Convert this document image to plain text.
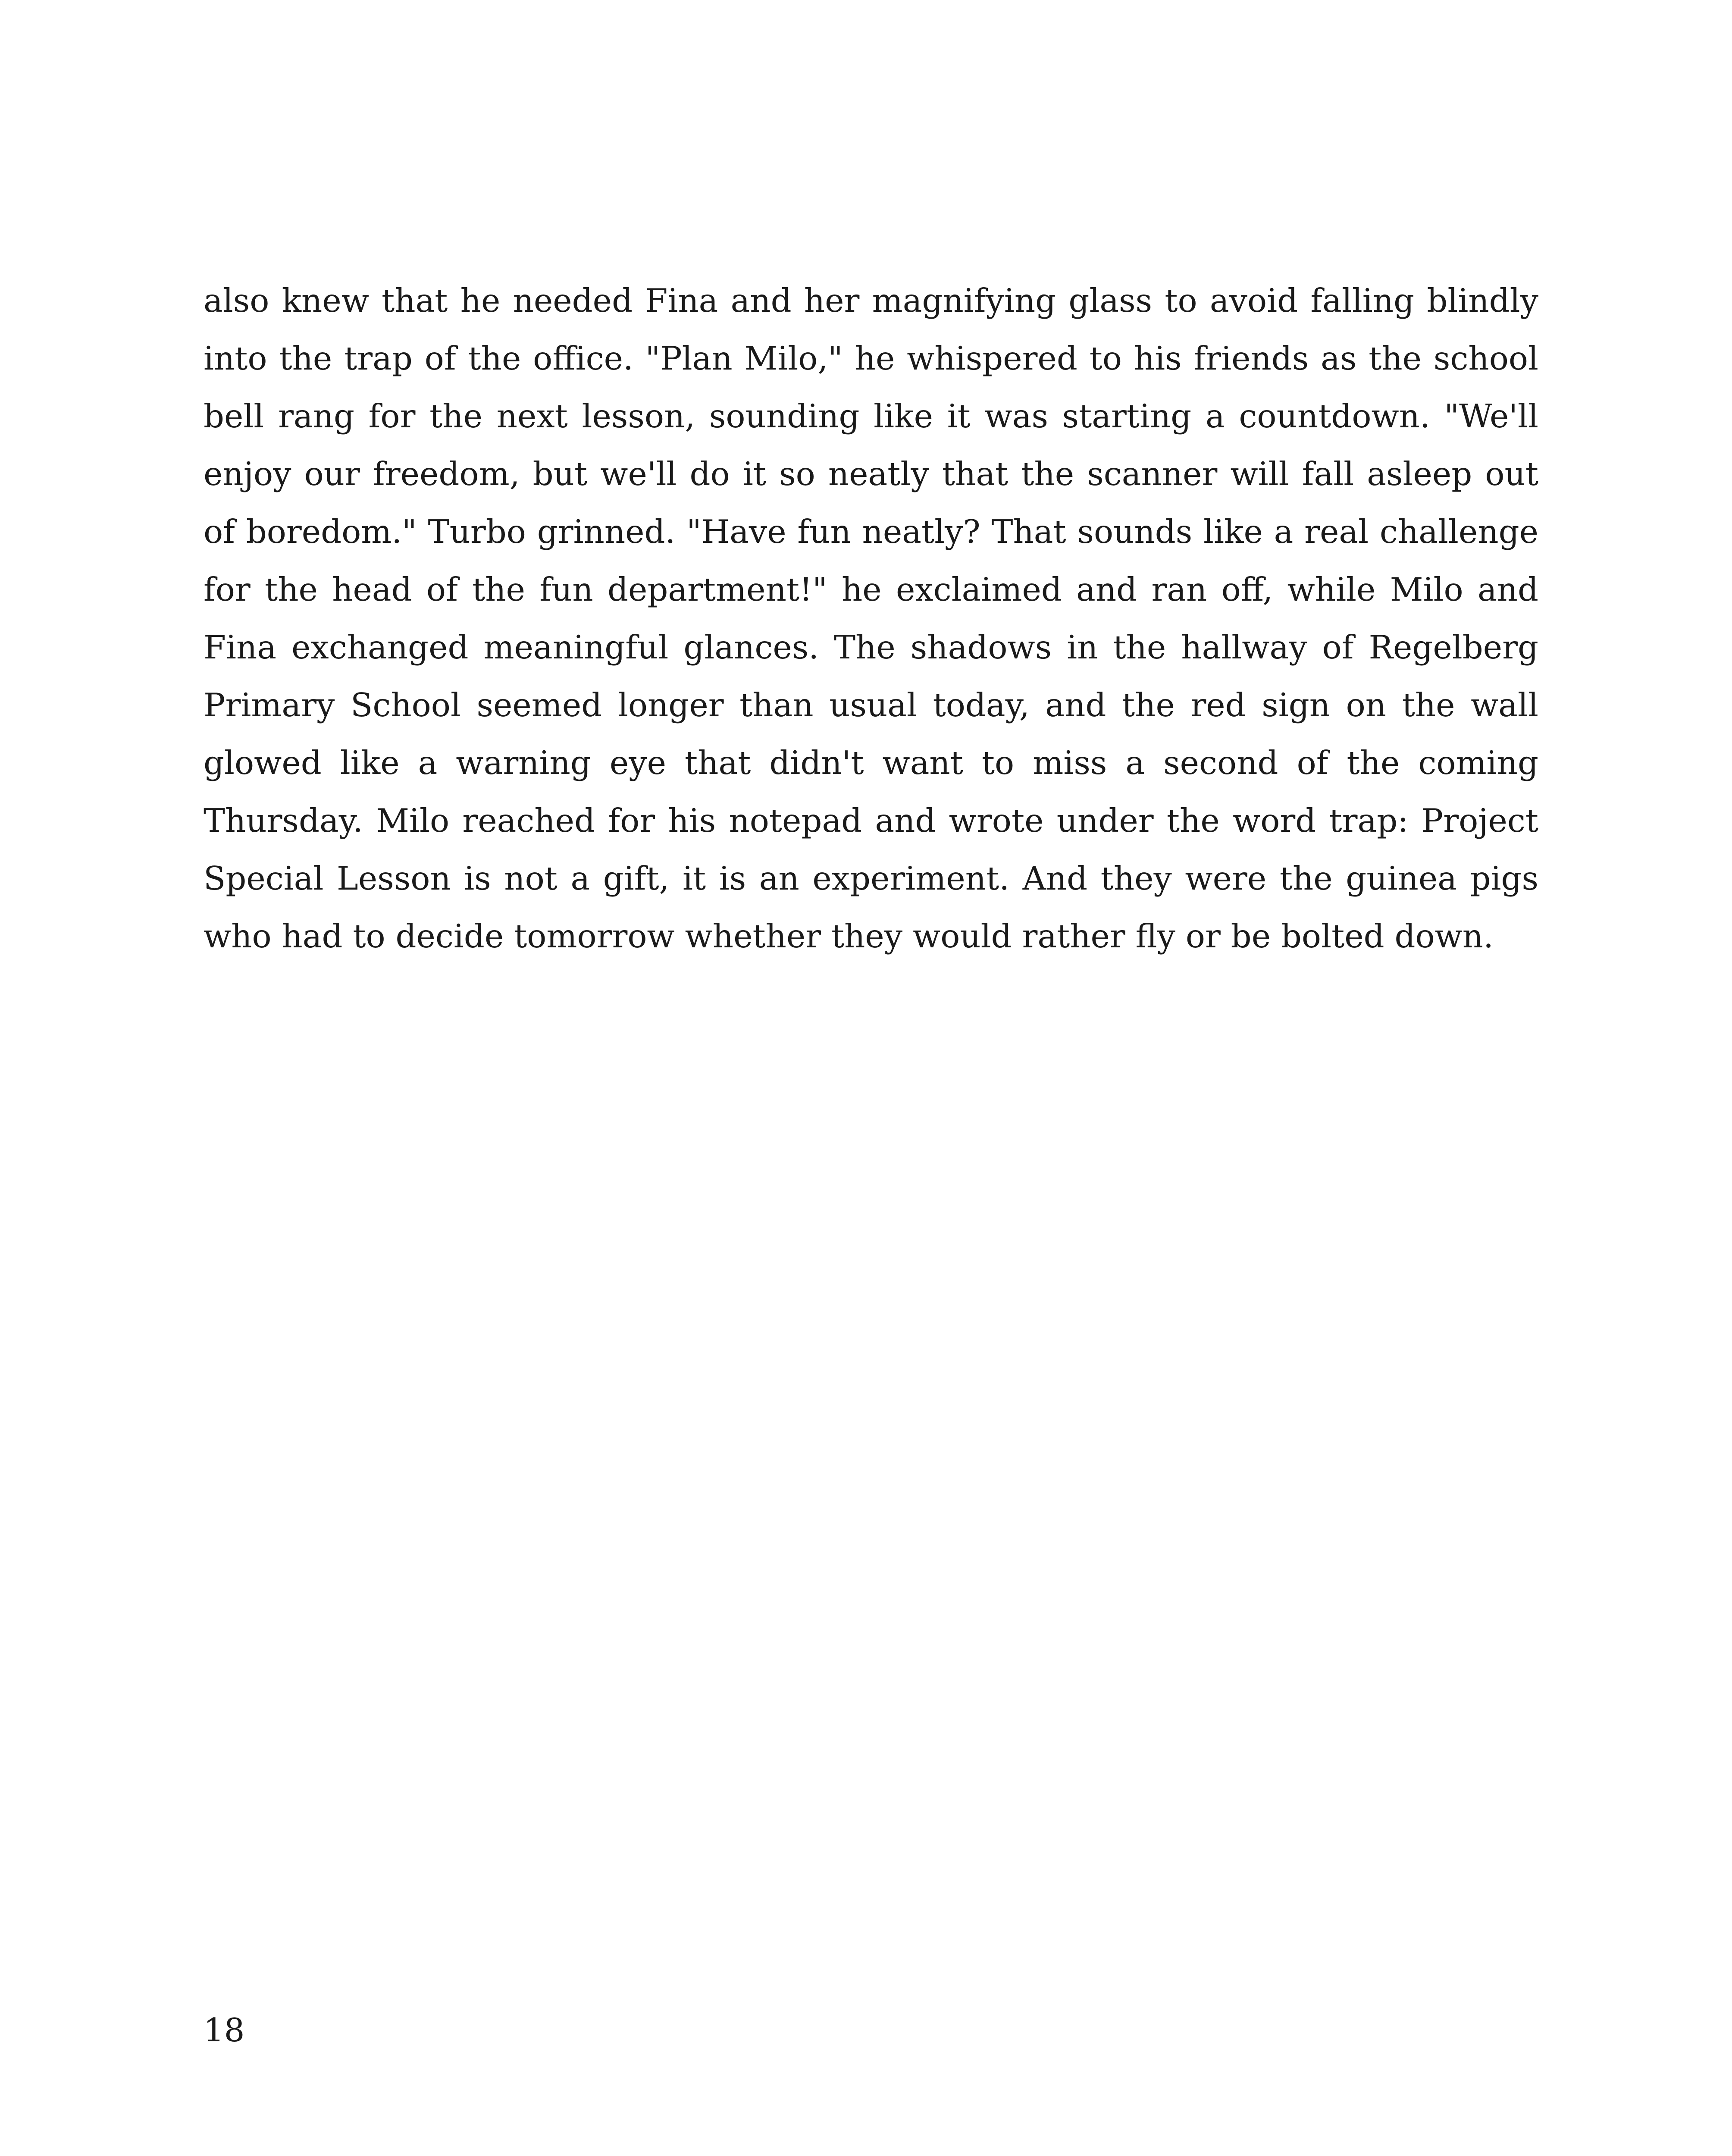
also knew that he needed Fina and her magnifying glass to avoid falling blindly into the trap of the office. "Plan Milo," he whispered to his friends as the school bell rang for the next lesson, sounding like it was starting a countdown. "We'll enjoy our freedom, but we'll do it so neatly that the scanner will fall asleep out of boredom." Turbo grinned. "Have fun neatly? That sounds like a real challenge for the head of the fun department!" he exclaimed and ran off, while Milo and Fina exchanged meaningful glances. The shadows in the hallway of Regelberg Primary School seemed longer than usual today, and the red sign on the wall glowed like a warning eye that didn't want to miss a second of the coming Thursday. Milo reached for his notepad and wrote under the word trap: Project Special Lesson is not a gift, it is an experiment. And they were the guinea pigs who had to decide tomorrow whether they would rather fly or be bolted down.

18
